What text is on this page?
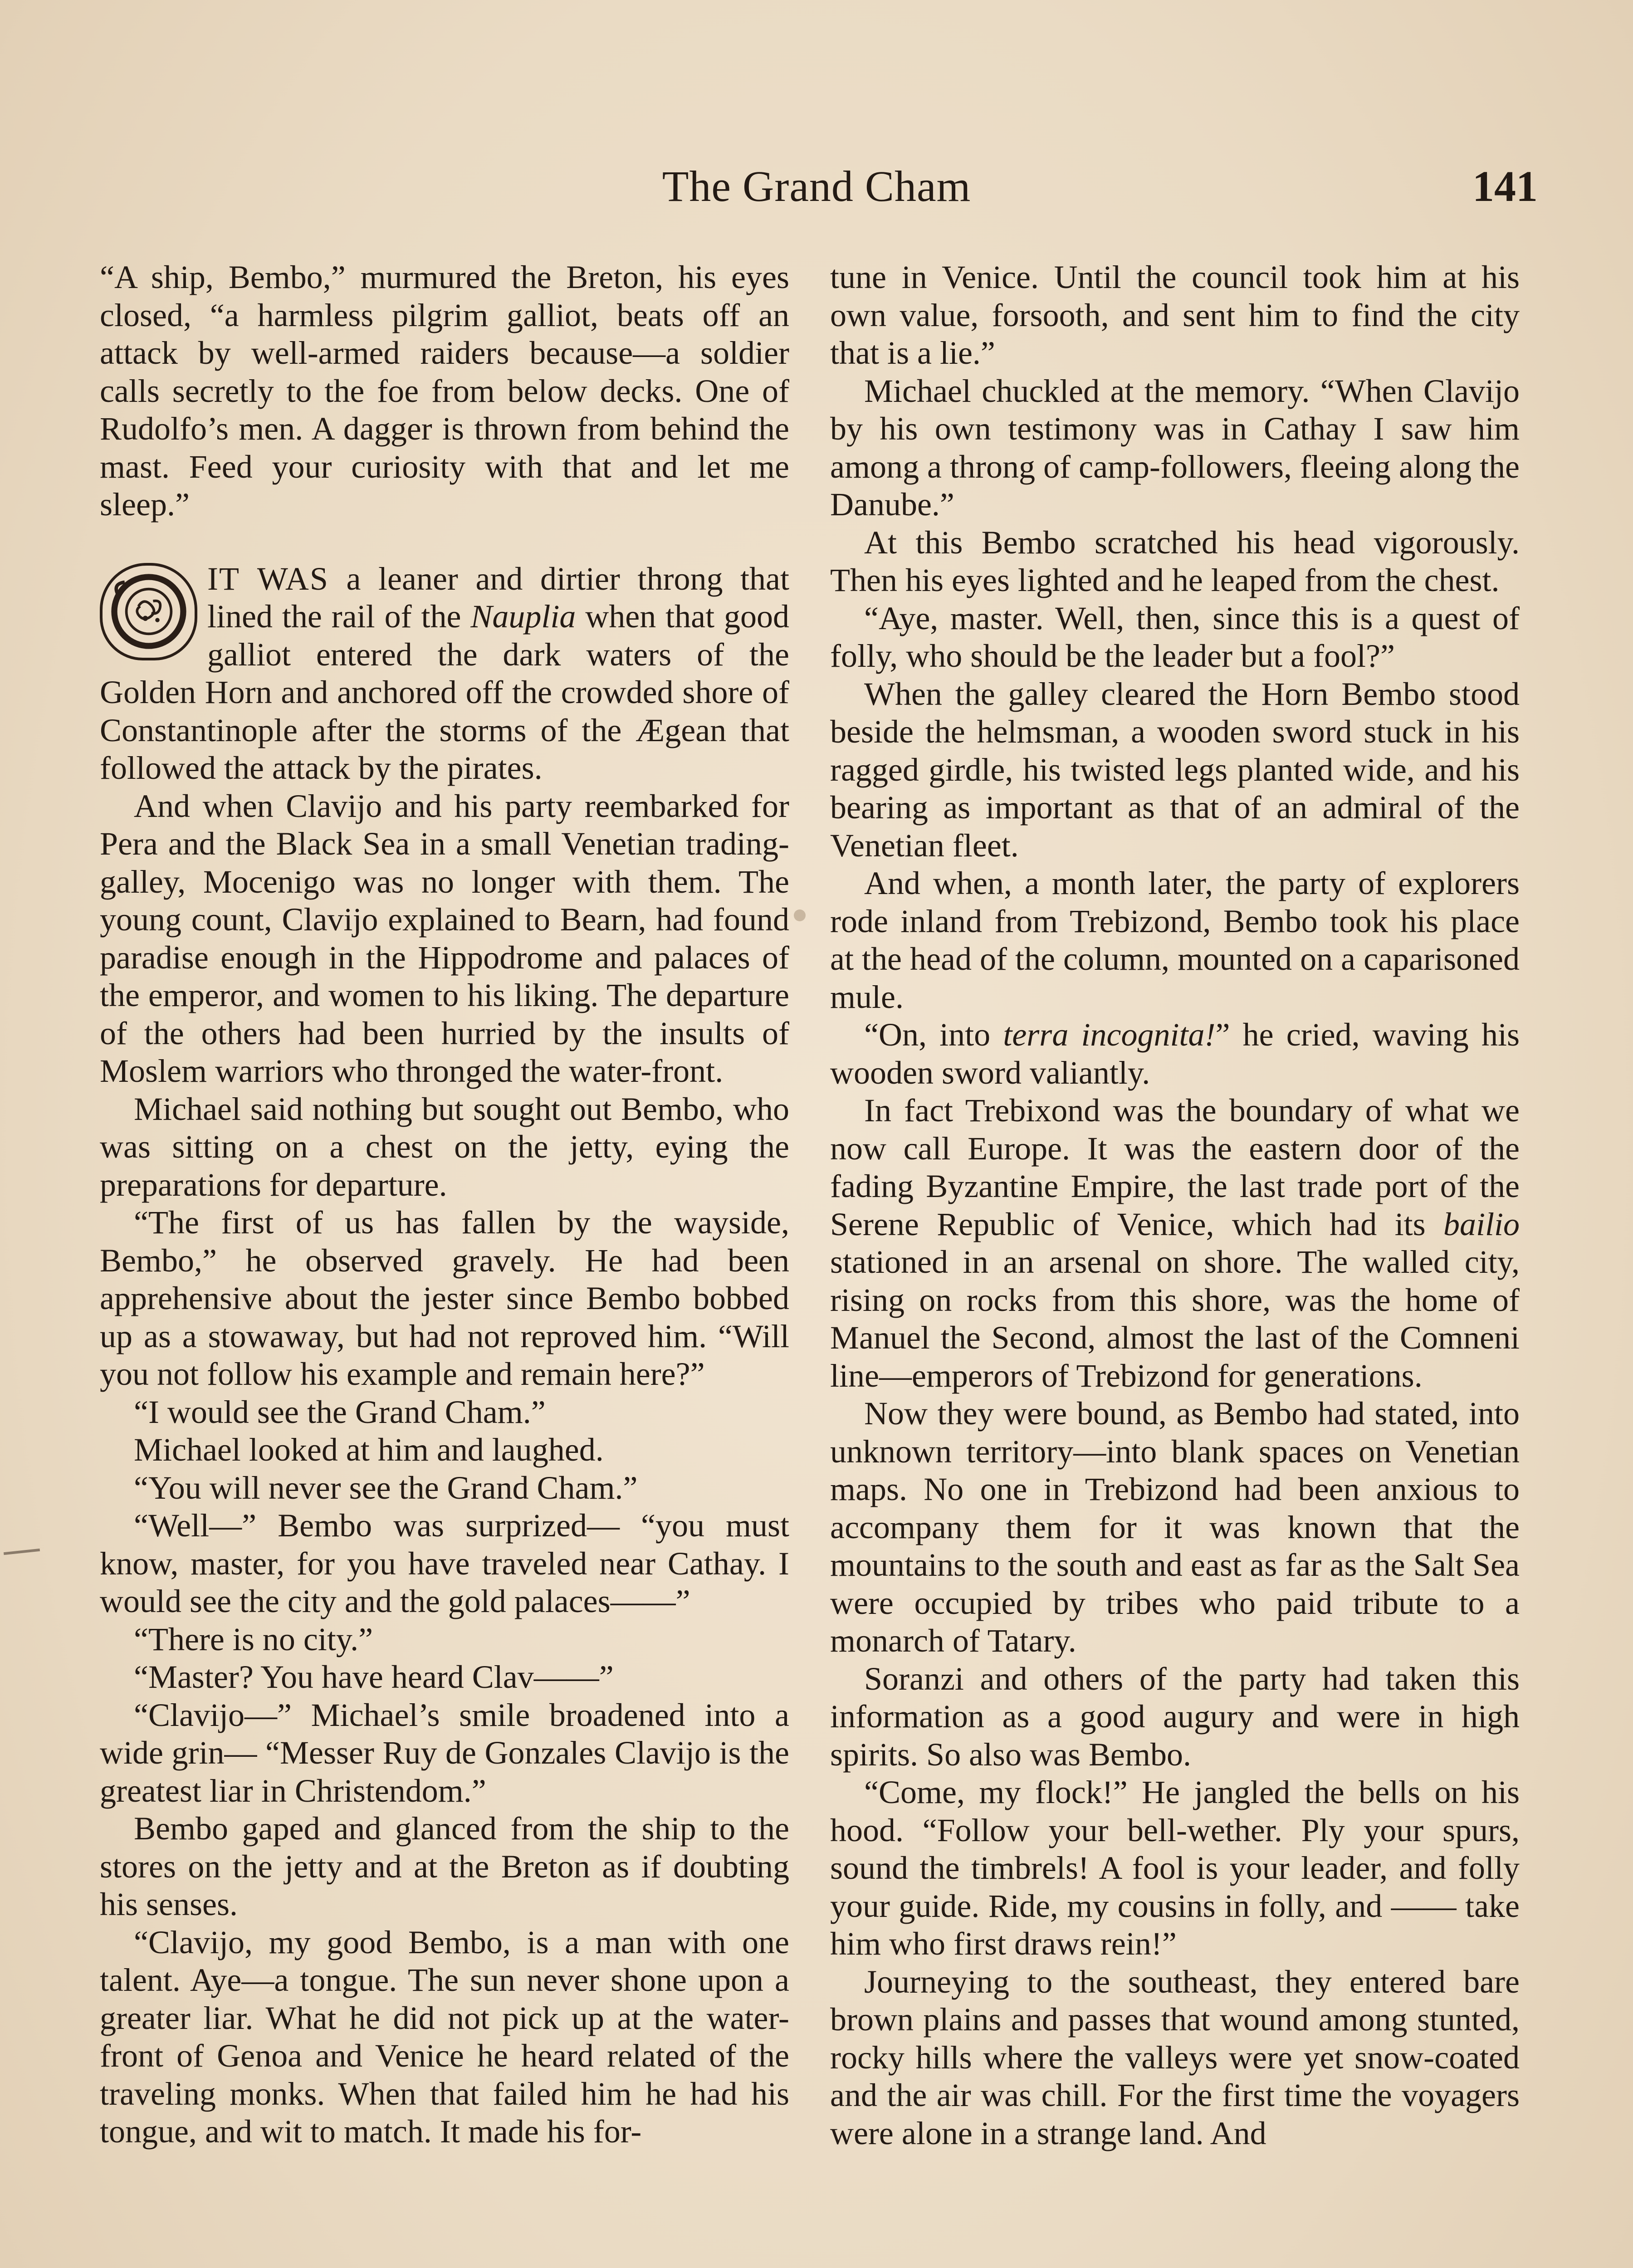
The Grand Cham	141

“A ship, Bembo,” murmured the Breton, his eyes closed, “a harmless pilgrim galliot, beats off an attack by well-armed raiders because—a soldier calls secretly to the foe from below decks. One of Rudolfo’s men. A dagger is thrown from behind the mast. Feed your curiosity with that and let me sleep.”

IT WAS a leaner and dirtier throng that lined the rail of the Nauplia when that good galliot entered the dark waters of the Golden Horn and anchored off the crowded shore of Constantinople after the storms of the Ægean that followed the attack by the pirates.

And when Clavijo and his party reembarked for Pera and the Black Sea in a small Venetian trading-galley, Mocenigo was no longer with them. The young count, Clavijo explained to Bearn, had found paradise enough in the Hippodrome and palaces of the emperor, and women to his liking. The departure of the others had been hurried by the insults of Moslem warriors who thronged the water-front.

Michael said nothing but sought out Bembo, who was sitting on a chest on the jetty, eying the preparations for departure.

“The first of us has fallen by the wayside, Bembo,” he observed gravely. He had been apprehensive about the jester since Bembo bobbed up as a stowaway, but had not reproved him. “Will you not follow his example and remain here?”

“I would see the Grand Cham.”

Michael looked at him and laughed.

“You will never see the Grand Cham.”

“Well—” Bembo was surprized— “you must know, master, for you have traveled near Cathay. I would see the city and the gold palaces——”

“There is no city.”

“Master? You have heard Clav——”

“Clavijo—” Michael’s smile broadened into a wide grin— “Messer Ruy de Gonzales Clavijo is the greatest liar in Christendom.”

Bembo gaped and glanced from the ship to the stores on the jetty and at the Breton as if doubting his senses.

“Clavijo, my good Bembo, is a man with one talent. Aye—a tongue. The sun never shone upon a greater liar. What he did not pick up at the water-front of Genoa and Venice he heard related of the traveling monks. When that failed him he had his tongue, and wit to match. It made his for-

tune in Venice. Until the council took him at his own value, forsooth, and sent him to find the city that is a lie.”

Michael chuckled at the memory. “When Clavijo by his own testimony was in Cathay I saw him among a throng of camp-followers, fleeing along the Danube.”

At this Bembo scratched his head vigorously. Then his eyes lighted and he leaped from the chest.

“Aye, master. Well, then, since this is a quest of folly, who should be the leader but a fool?”

When the galley cleared the Horn Bembo stood beside the helmsman, a wooden sword stuck in his ragged girdle, his twisted legs planted wide, and his bearing as important as that of an admiral of the Venetian fleet.

And when, a month later, the party of explorers rode inland from Trebizond, Bembo took his place at the head of the column, mounted on a caparisoned mule.

“On, into terra incognita!” he cried, waving his wooden sword valiantly.

In fact Trebixond was the boundary of what we now call Europe. It was the eastern door of the fading Byzantine Empire, the last trade port of the Serene Republic of Venice, which had its bailio stationed in an arsenal on shore. The walled city, rising on rocks from this shore, was the home of Manuel the Second, almost the last of the Comneni line—emperors of Trebizond for generations.

Now they were bound, as Bembo had stated, into unknown territory—into blank spaces on Venetian maps. No one in Trebizond had been anxious to accompany them for it was known that the mountains to the south and east as far as the Salt Sea were occupied by tribes who paid tribute to a monarch of Tatary.

Soranzi and others of the party had taken this information as a good augury and were in high spirits. So also was Bembo.

“Come, my flock!” He jangled the bells on his hood. “Follow your bell-wether. Ply your spurs, sound the timbrels! A fool is your leader, and folly your guide. Ride, my cousins in folly, and —— take him who first draws rein!”

Journeying to the southeast, they entered bare brown plains and passes that wound among stunted, rocky hills where the valleys were yet snow-coated and the air was chill. For the first time the voyagers were alone in a strange land. And
